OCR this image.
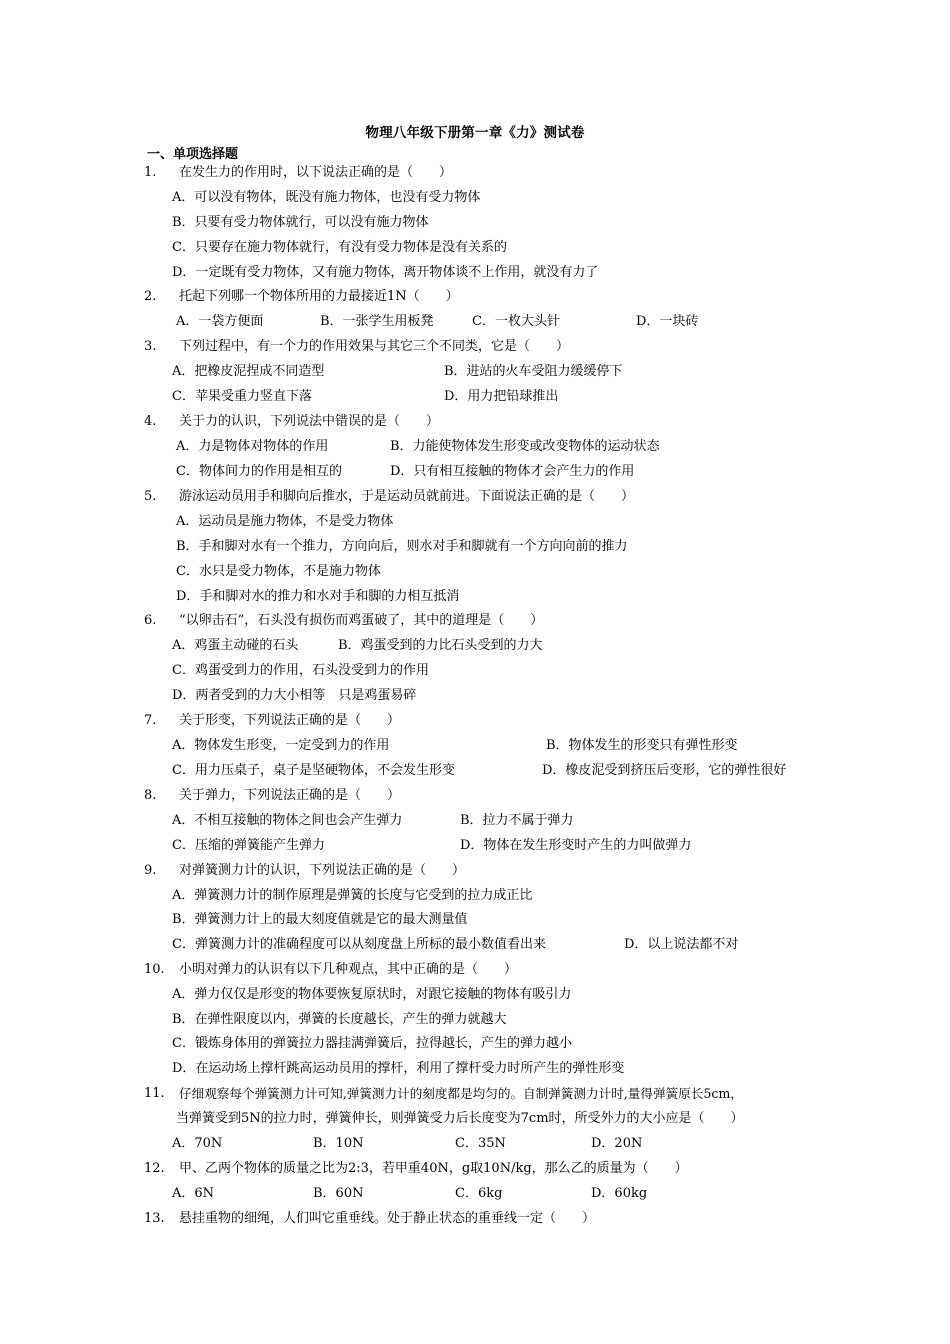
物理八年级下册第一章《力》测试卷
一、单项选择题
1. 在发生力的作用时，以下说法正确的是（　　）
A．可以没有物体，既没有施力物体，也没有受力物体
B．只要有受力物体就行，可以没有施力物体
C．只要存在施力物体就行，有没有受力物体是没有关系的
D．一定既有受力物体，又有施力物体，离开物体谈不上作用，就没有力了
2. 托起下列哪一个物体所用的力最接近1N（　　）
A．一袋方便面	B．一张学生用板凳	C．一枚大头针	D．一块砖
3. 下列过程中，有一个力的作用效果与其它三个不同类，它是（　　）
A．把橡皮泥捏成不同造型	B．进站的火车受阻力缓缓停下
C．苹果受重力竖直下落	D．用力把铅球推出
4. 关于力的认识，下列说法中错误的是（　　）
A．力是物体对物体的作用	B．力能使物体发生形变或改变物体的运动状态
C．物体间力的作用是相互的	D．只有相互接触的物体才会产生力的作用
5. 游泳运动员用手和脚向后推水，于是运动员就前进。下面说法正确的是（　　）
A．运动员是施力物体，不是受力物体
B．手和脚对水有一个推力，方向向后，则水对手和脚就有一个方向向前的推力
C．水只是受力物体，不是施力物体
D．手和脚对水的推力和水对手和脚的力相互抵消
6. “以卵击石”，石头没有损伤而鸡蛋破了，其中的道理是（　　）
A．鸡蛋主动碰的石头	B．鸡蛋受到的力比石头受到的力大
C．鸡蛋受到力的作用，石头没受到力的作用
D．两者受到的力大小相等　只是鸡蛋易碎
7. 关于形变，下列说法正确的是（　　）
A．物体发生形变，一定受到力的作用	B．物体发生的形变只有弹性形变
C．用力压桌子，桌子是坚硬物体，不会发生形变	D．橡皮泥受到挤压后变形，它的弹性很好
8. 关于弹力，下列说法正确的是（　　）
A．不相互接触的物体之间也会产生弹力	B．拉力不属于弹力
C．压缩的弹簧能产生弹力	D．物体在发生形变时产生的力叫做弹力
9. 对弹簧测力计的认识，下列说法正确的是（　　）
A．弹簧测力计的制作原理是弹簧的长度与它受到的拉力成正比
B．弹簧测力计上的最大刻度值就是它的最大测量值
C．弹簧测力计的准确程度可以从刻度盘上所标的最小数值看出来	D．以上说法都不对
10. 小明对弹力的认识有以下几种观点，其中正确的是（　　）
A．弹力仅仅是形变的物体要恢复原状时，对跟它接触的物体有吸引力
B．在弹性限度以内，弹簧的长度越长，产生的弹力就越大
C．锻炼身体用的弹簧拉力器挂满弹簧后，拉得越长，产生的弹力越小
D．在运动场上撑杆跳高运动员用的撑杆，利用了撑杆受力时所产生的弹性形变
11. 仔细观察每个弹簧测力计可知,弹簧测力计的刻度都是均匀的。自制弹簧测力计时,量得弹簧原长5cm，
当弹簧受到5N的拉力时，弹簧伸长，则弹簧受力后长度变为7cm时，所受外力的大小应是（　　）
A．70N	B．10N	C．35N	D．20N
12. 甲、乙两个物体的质量之比为2:3，若甲重40N，g取10N/kg，那么乙的质量为（　　）
A．6N	B．60N	C．6kg	D．60kg
13. 悬挂重物的细绳，人们叫它重垂线。处于静止状态的重垂线一定（　　）
